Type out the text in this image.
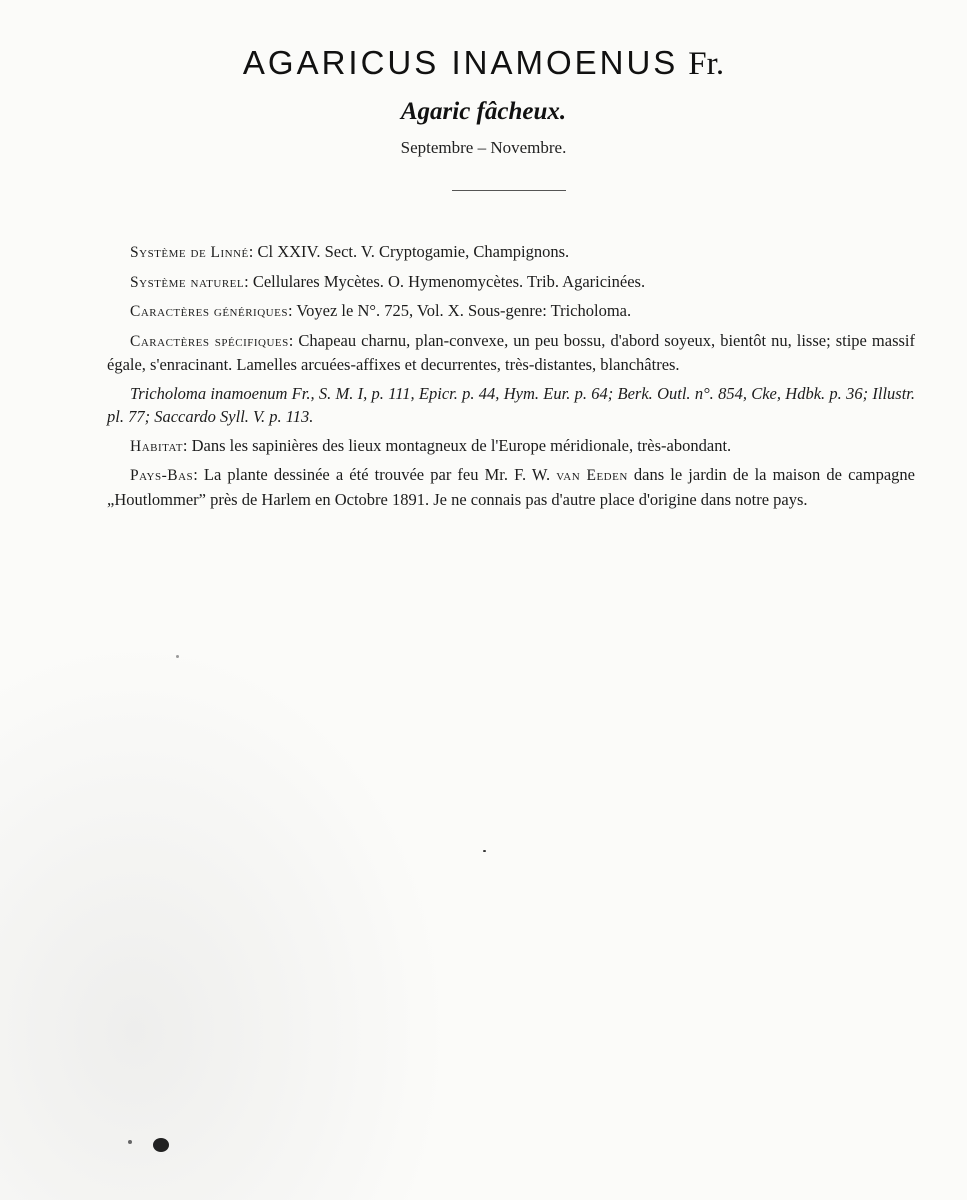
AGARICUS INAMOENUS Fr.
Agaric fâcheux.
Septembre – Novembre.

Système de Linné: Cl XXIV. Sect. V. Cryptogamie, Champignons.

Système naturel: Cellulares Mycètes. O. Hymenomycètes. Trib. Agaricinées.

Caractères génériques: Voyez le N°. 725, Vol. X. Sous-genre: Tricholoma.

Caractères spécifiques: Chapeau charnu, plan-convexe, un peu bossu, d'abord soyeux, bientôt nu, lisse; stipe massif égale, s'enracinant. Lamelles arcuées-affixes et decurrentes, très-distantes, blanchâtres.

Tricholoma inamoenum Fr., S. M. I, p. 111, Epicr. p. 44, Hym. Eur. p. 64; Berk. Outl. n°. 854, Cke, Hdbk. p. 36; Illustr. pl. 77; Saccardo Syll. V. p. 113.

Habitat: Dans les sapinières des lieux montagneux de l'Europe méridionale, très-abondant.

Pays-Bas: La plante dessinée a été trouvée par feu Mr. F. W. van Eeden dans le jardin de la maison de campagne „Houtlommer” près de Harlem en Octobre 1891. Je ne connais pas d'autre place d'origine dans notre pays.
